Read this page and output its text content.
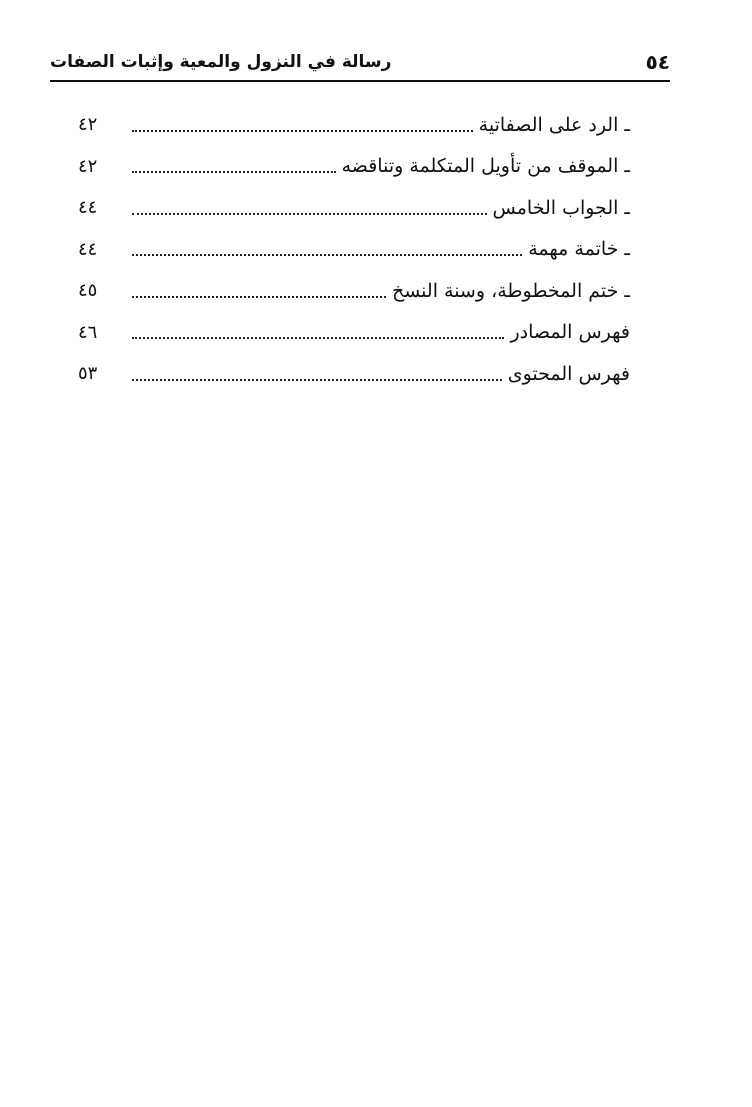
٥٤
رسالة في النزول والمعية وإثبات الصفات
ـ الرد على الصفاتية
٤٢
ـ الموقف من تأويل المتكلمة وتناقضه
٤٢
ـ الجواب الخامس
٤٤
ـ خاتمة مهمة
٤٤
ـ ختم المخطوطة، وسنة النسخ
٤٥
فهرس المصادر
٤٦
فهرس المحتوى
٥٣
